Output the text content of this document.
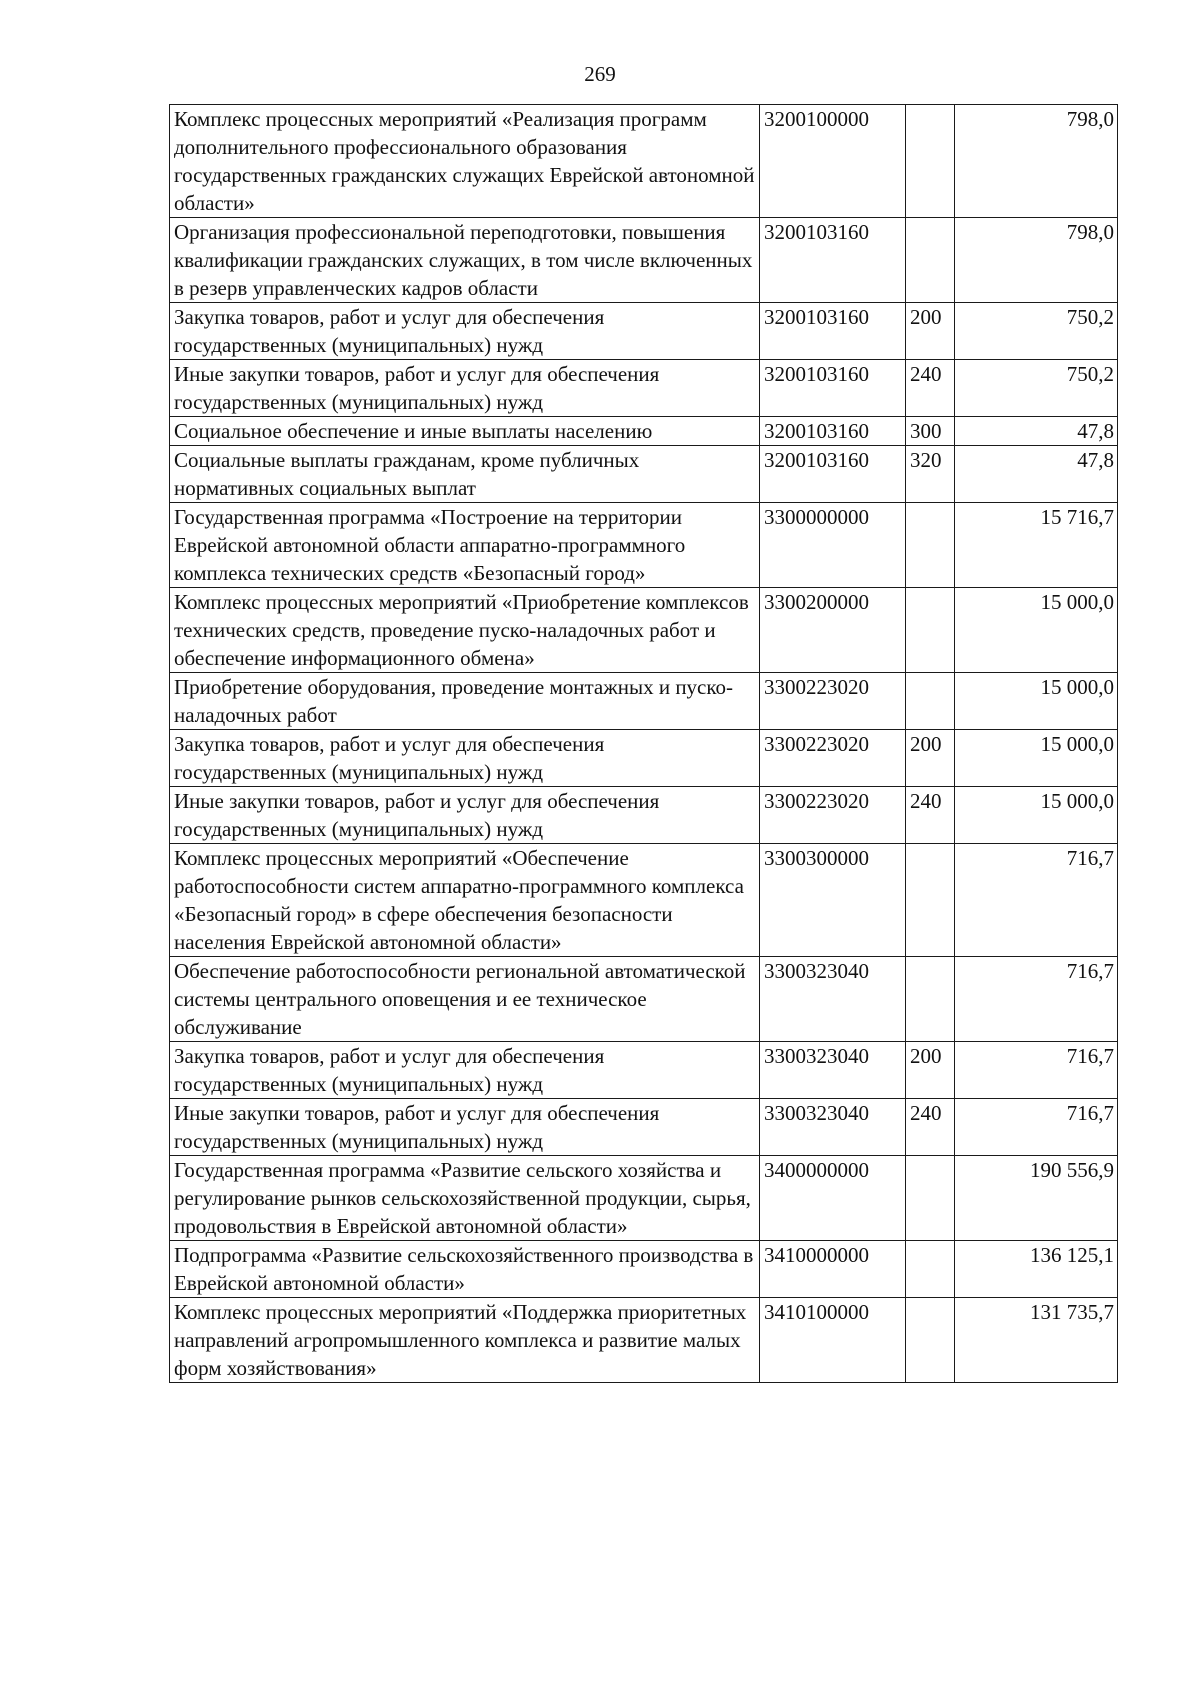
269
Комплекс процессных мероприятий «Реализация программ дополнительного профессионального образования государственных гражданских служащих Еврейской автономной области»	3200100000		798,0
Организация профессиональной переподготовки, повышения квалификации гражданских служащих, в том числе включенных в резерв управленческих кадров области	3200103160		798,0
Закупка товаров, работ и услуг для обеспечения государственных (муниципальных) нужд	3200103160	200	750,2
Иные закупки товаров, работ и услуг для обеспечения государственных (муниципальных) нужд	3200103160	240	750,2
Социальное обеспечение и иные выплаты населению	3200103160	300	47,8
Социальные выплаты гражданам, кроме публичных нормативных социальных выплат	3200103160	320	47,8
Государственная программа «Построение на территории Еврейской автономной области аппаратно-программного комплекса технических средств «Безопасный город»	3300000000		15 716,7
Комплекс процессных мероприятий «Приобретение комплексов технических средств, проведение пуско-наладочных работ и обеспечение информационного обмена»	3300200000		15 000,0
Приобретение оборудования, проведение монтажных и пуско-наладочных работ	3300223020		15 000,0
Закупка товаров, работ и услуг для обеспечения государственных (муниципальных) нужд	3300223020	200	15 000,0
Иные закупки товаров, работ и услуг для обеспечения государственных (муниципальных) нужд	3300223020	240	15 000,0
Комплекс процессных мероприятий «Обеспечение работоспособности систем аппаратно-программного комплекса «Безопасный город» в сфере обеспечения безопасности населения Еврейской автономной области»	3300300000		716,7
Обеспечение работоспособности региональной автоматической системы центрального оповещения и ее техническое обслуживание	3300323040		716,7
Закупка товаров, работ и услуг для обеспечения государственных (муниципальных) нужд	3300323040	200	716,7
Иные закупки товаров, работ и услуг для обеспечения государственных (муниципальных) нужд	3300323040	240	716,7
Государственная программа «Развитие сельского хозяйства и регулирование рынков сельскохозяйственной продукции, сырья, продовольствия в Еврейской автономной области»	3400000000		190 556,9
Подпрограмма «Развитие сельскохозяйственного производства в Еврейской автономной области»	3410000000		136 125,1
Комплекс процессных мероприятий «Поддержка приоритетных направлений агропромышленного комплекса и развитие малых форм хозяйствования»	3410100000		131 735,7
